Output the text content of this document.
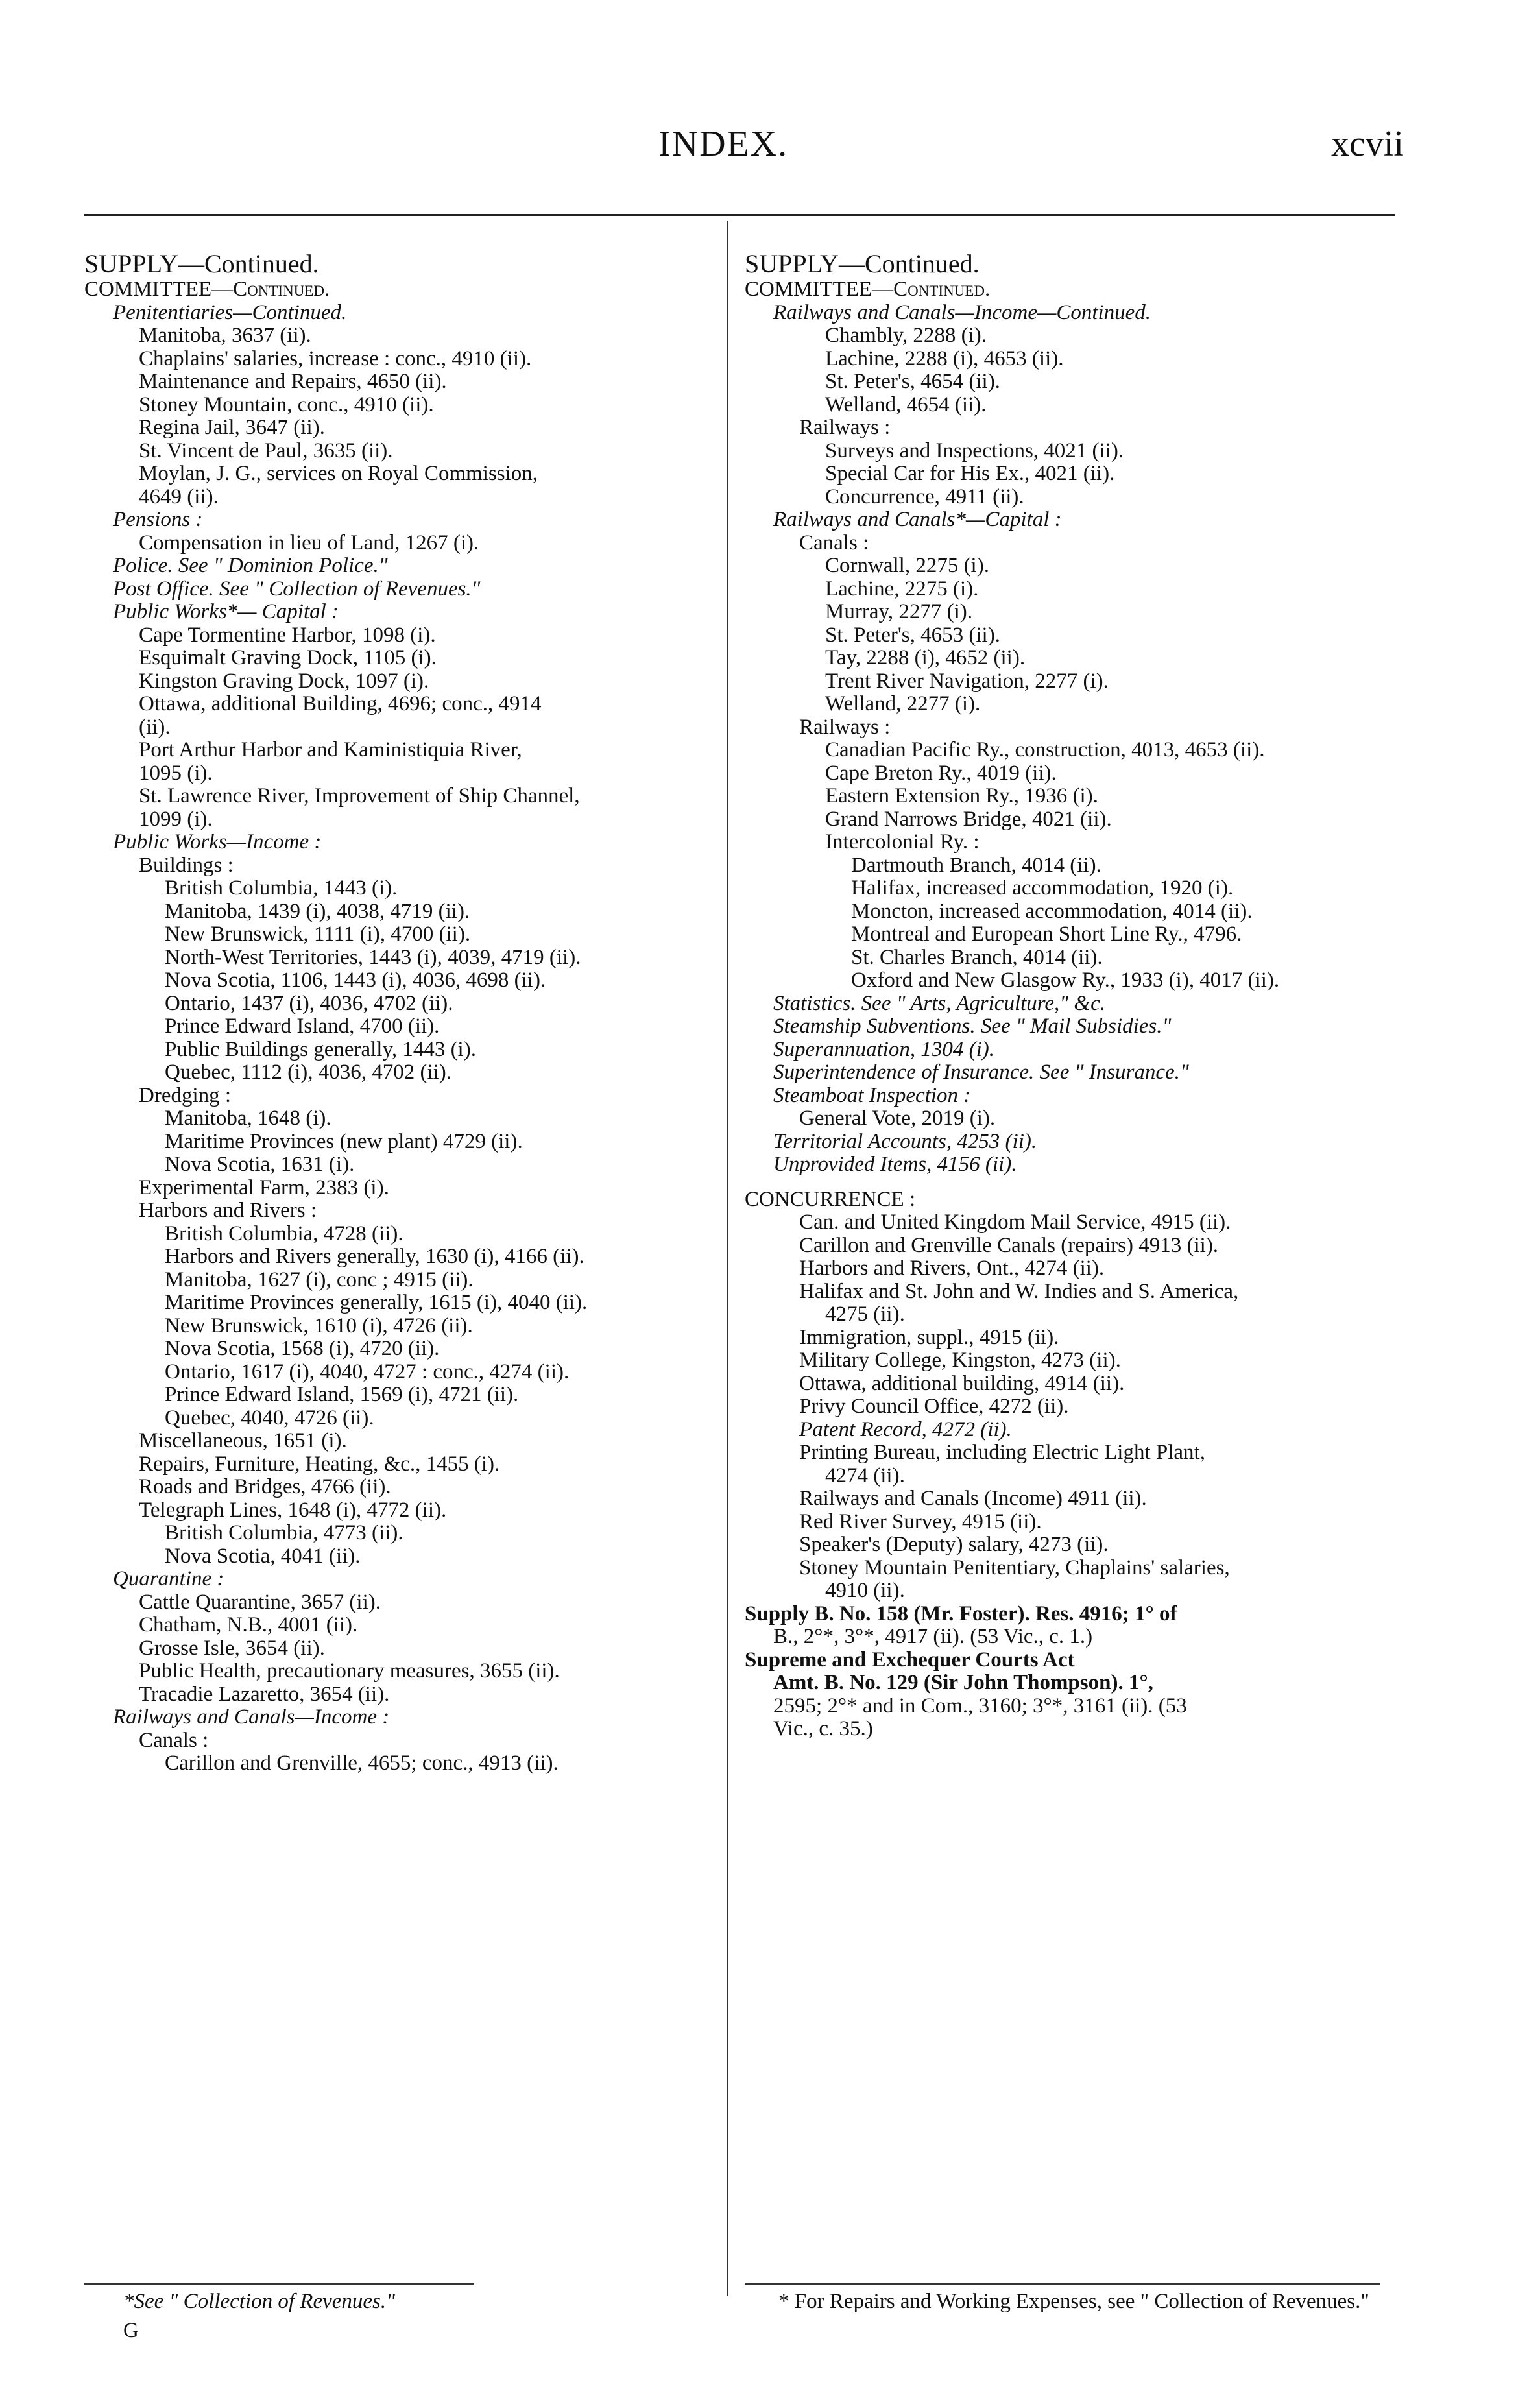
INDEX.	xcvii
SUPPLY—Continued.
COMMITTEE—Continued.
Penitentiaries—Continued.
Manitoba, 3637 (ii).
Chaplains' salaries, increase : conc., 4910 (ii).
Maintenance and Repairs, 4650 (ii).
Stoney Mountain, conc., 4910 (ii).
Regina Jail, 3647 (ii).
St. Vincent de Paul, 3635 (ii).
Moylan, J. G., services on Royal Commission,
4649 (ii).
Pensions :
Compensation in lieu of Land, 1267 (i).
Police. See " Dominion Police."
Post Office. See " Collection of Revenues."
Public Works*— Capital :
Cape Tormentine Harbor, 1098 (i).
Esquimalt Graving Dock, 1105 (i).
Kingston Graving Dock, 1097 (i).
Ottawa, additional Building, 4696; conc., 4914
(ii).
Port Arthur Harbor and Kaministiquia River,
1095 (i).
St. Lawrence River, Improvement of Ship Channel,
1099 (i).
Public Works—Income :
Buildings :
British Columbia, 1443 (i).
Manitoba, 1439 (i), 4038, 4719 (ii).
New Brunswick, 1111 (i), 4700 (ii).
North-West Territories, 1443 (i), 4039, 4719 (ii).
Nova Scotia, 1106, 1443 (i), 4036, 4698 (ii).
Ontario, 1437 (i), 4036, 4702 (ii).
Prince Edward Island, 4700 (ii).
Public Buildings generally, 1443 (i).
Quebec, 1112 (i), 4036, 4702 (ii).
Dredging :
Manitoba, 1648 (i).
Maritime Provinces (new plant) 4729 (ii).
Nova Scotia, 1631 (i).
Experimental Farm, 2383 (i).
Harbors and Rivers :
British Columbia, 4728 (ii).
Harbors and Rivers generally, 1630 (i), 4166 (ii).
Manitoba, 1627 (i), conc ; 4915 (ii).
Maritime Provinces generally, 1615 (i), 4040 (ii).
New Brunswick, 1610 (i), 4726 (ii).
Nova Scotia, 1568 (i), 4720 (ii).
Ontario, 1617 (i), 4040, 4727 : conc., 4274 (ii).
Prince Edward Island, 1569 (i), 4721 (ii).
Quebec, 4040, 4726 (ii).
Miscellaneous, 1651 (i).
Repairs, Furniture, Heating, &c., 1455 (i).
Roads and Bridges, 4766 (ii).
Telegraph Lines, 1648 (i), 4772 (ii).
British Columbia, 4773 (ii).
Nova Scotia, 4041 (ii).
Quarantine :
Cattle Quarantine, 3657 (ii).
Chatham, N.B., 4001 (ii).
Grosse Isle, 3654 (ii).
Public Health, precautionary measures, 3655 (ii).
Tracadie Lazaretto, 3654 (ii).
Railways and Canals—Income :
Canals :
Carillon and Grenville, 4655; conc., 4913 (ii).
SUPPLY—Continued.
COMMITTEE—Continued.
Railways and Canals—Income—Continued.
Chambly, 2288 (i).
Lachine, 2288 (i), 4653 (ii).
St. Peter's, 4654 (ii).
Welland, 4654 (ii).
Railways :
Surveys and Inspections, 4021 (ii).
Special Car for His Ex., 4021 (ii).
Concurrence, 4911 (ii).
Railways and Canals*—Capital :
Canals :
Cornwall, 2275 (i).
Lachine, 2275 (i).
Murray, 2277 (i).
St. Peter's, 4653 (ii).
Tay, 2288 (i), 4652 (ii).
Trent River Navigation, 2277 (i).
Welland, 2277 (i).
Railways :
Canadian Pacific Ry., construction, 4013, 4653 (ii).
Cape Breton Ry., 4019 (ii).
Eastern Extension Ry., 1936 (i).
Grand Narrows Bridge, 4021 (ii).
Intercolonial Ry. :
Dartmouth Branch, 4014 (ii).
Halifax, increased accommodation, 1920 (i).
Moncton, increased accommodation, 4014 (ii).
Montreal and European Short Line Ry., 4796.
St. Charles Branch, 4014 (ii).
Oxford and New Glasgow Ry., 1933 (i), 4017 (ii).
Statistics. See " Arts, Agriculture," &c.
Steamship Subventions. See " Mail Subsidies."
Superannuation, 1304 (i).
Superintendence of Insurance. See " Insurance."
Steamboat Inspection :
General Vote, 2019 (i).
Territorial Accounts, 4253 (ii).
Unprovided Items, 4156 (ii).
CONCURRENCE :
Can. and United Kingdom Mail Service, 4915 (ii).
Carillon and Grenville Canals (repairs) 4913 (ii).
Harbors and Rivers, Ont., 4274 (ii).
Halifax and St. John and W. Indies and S. America,
4275 (ii).
Immigration, suppl., 4915 (ii).
Military College, Kingston, 4273 (ii).
Ottawa, additional building, 4914 (ii).
Privy Council Office, 4272 (ii).
Patent Record, 4272 (ii).
Printing Bureau, including Electric Light Plant,
4274 (ii).
Railways and Canals (Income) 4911 (ii).
Red River Survey, 4915 (ii).
Speaker's (Deputy) salary, 4273 (ii).
Stoney Mountain Penitentiary, Chaplains' salaries,
4910 (ii).
Supply B. No. 158 (Mr. Foster). Res. 4916; 1° of
B., 2°*, 3°*, 4917 (ii). (53 Vic., c. 1.)
Supreme and Exchequer Courts Act
Amt. B. No. 129 (Sir John Thompson). 1°,
2595; 2°* and in Com., 3160; 3°*, 3161 (ii). (53
Vic., c. 35.)
*See " Collection of Revenues."
G
* For Repairs and Working Expenses, see " Collection of Revenues."
